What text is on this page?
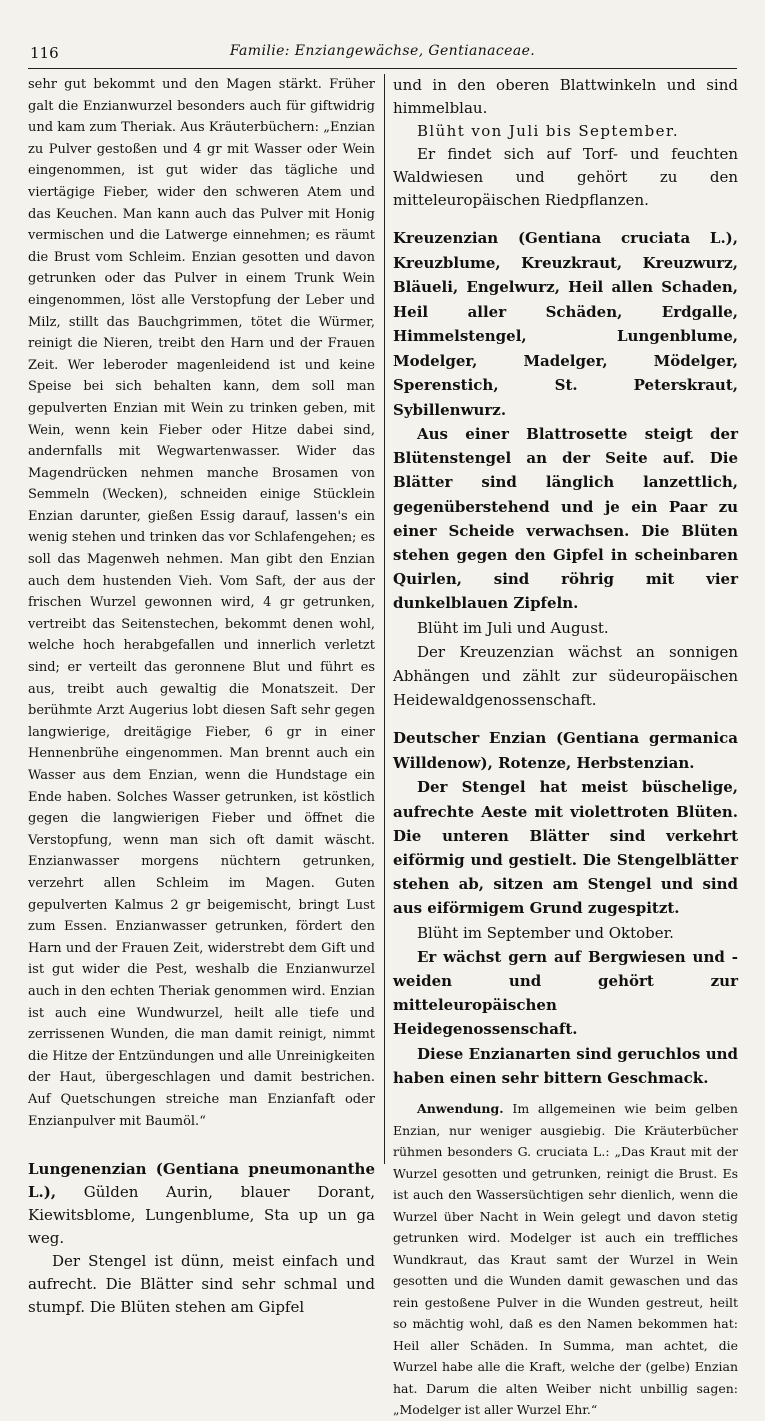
116	Familie: Enziangewächse, Gentianaceae.

sehr gut bekommt und den Magen stärkt. Früher galt die Enzianwurzel besonders auch für giftwidrig und kam zum Theriak. Aus Kräuterbüchern: „Enzian zu Pulver gestoßen und 4 gr mit Wasser oder Wein eingenommen, ist gut wider das tägliche und viertägige Fieber, wider den schweren Atem und das Keuchen. Man kann auch das Pulver mit Honig vermischen und die Latwerge einnehmen; es räumt die Brust vom Schleim. Enzian gesotten und davon getrunken oder das Pulver in einem Trunk Wein eingenommen, löst alle Verstopfung der Leber und Milz, stillt das Bauchgrimmen, tötet die Würmer, reinigt die Nieren, treibt den Harn und der Frauen Zeit. Wer leberoder magenleidend ist und keine Speise bei sich behalten kann, dem soll man gepulverten Enzian mit Wein zu trinken geben, mit Wein, wenn kein Fieber oder Hitze dabei sind, andernfalls mit Wegwartenwasser. Wider das Magendrücken nehmen manche Brosamen von Semmeln (Wecken), schneiden einige Stücklein Enzian darunter, gießen Essig darauf, lassen's ein wenig stehen und trinken das vor Schlafengehen; es soll das Magenweh nehmen. Man gibt den Enzian auch dem hustenden Vieh. Vom Saft, der aus der frischen Wurzel gewonnen wird, 4 gr getrunken, vertreibt das Seitenstechen, bekommt denen wohl, welche hoch herabgefallen und innerlich verletzt sind; er verteilt das geronnene Blut und führt es aus, treibt auch gewaltig die Monatszeit. Der berühmte Arzt Augerius lobt diesen Saft sehr gegen langwierige, dreitägige Fieber, 6 gr in einer Hennenbrühe eingenommen. Man brennt auch ein Wasser aus dem Enzian, wenn die Hundstage ein Ende haben. Solches Wasser getrunken, ist köstlich gegen die langwierigen Fieber und öffnet die Verstopfung, wenn man sich oft damit wäscht. Enzianwasser morgens nüchtern getrunken, verzehrt allen Schleim im Magen. Guten gepulverten Kalmus 2 gr beigemischt, bringt Lust zum Essen. Enzianwasser getrunken, fördert den Harn und der Frauen Zeit, widerstrebt dem Gift und ist gut wider die Pest, weshalb die Enzianwurzel auch in den echten Theriak genommen wird. Enzian ist auch eine Wundwurzel, heilt alle tiefe und zerrissenen Wunden, die man damit reinigt, nimmt die Hitze der Entzündungen und alle Unreinigkeiten der Haut, übergeschlagen und damit bestrichen. Auf Quetschungen streiche man Enzianfaft oder Enzianpulver mit Baumöl.“

Lungenenzian (Gentiana pneumonanthe L.), Gülden Aurin, blauer Dorant, Kiewitsblome, Lungenblume, Sta up un ga weg.

Der Stengel ist dünn, meist einfach und aufrecht. Die Blätter sind sehr schmal und stumpf. Die Blüten stehen am Gipfel

und in den oberen Blattwinkeln und sind himmelblau.

Blüht von Juli bis September.

Er findet sich auf Torf- und feuchten Waldwiesen und gehört zu den mitteleuropäischen Riedpflanzen.

Kreuzenzian (Gentiana cruciata L.), Kreuzblume, Kreuzkraut, Kreuzwurz, Bläueli, Engelwurz, Heil allen Schaden, Heil aller Schäden, Erdgalle, Himmelstengel, Lungenblume, Modelger, Madelger, Mödelger, Sperenstich, St. Peterskraut, Sybillenwurz.

Aus einer Blattrosette steigt der Blütenstengel an der Seite auf. Die Blätter sind länglich lanzettlich, gegenüberstehend und je ein Paar zu einer Scheide verwachsen. Die Blüten stehen gegen den Gipfel in scheinbaren Quirlen, sind röhrig mit vier dunkelblauen Zipfeln.

Blüht im Juli und August.

Der Kreuzenzian wächst an sonnigen Abhängen und zählt zur südeuropäischen Heidewaldgenossenschaft.

Deutscher Enzian (Gentiana germanica Willdenow), Rotenze, Herbstenzian.

Der Stengel hat meist büschelige, aufrechte Aeste mit violettroten Blüten. Die unteren Blätter sind verkehrt eiförmig und gestielt. Die Stengelblätter stehen ab, sitzen am Stengel und sind aus eiförmigem Grund zugespitzt.

Blüht im September und Oktober.

Er wächst gern auf Bergwiesen und -weiden und gehört zur mitteleuropäischen Heidegenossenschaft.

Diese Enzianarten sind geruchlos und haben einen sehr bittern Geschmack.

Anwendung. Im allgemeinen wie beim gelben Enzian, nur weniger ausgiebig. Die Kräuterbücher rühmen besonders G. cruciata L.: „Das Kraut mit der Wurzel gesotten und getrunken, reinigt die Brust. Es ist auch den Wassersüchtigen sehr dienlich, wenn die Wurzel über Nacht in Wein gelegt und davon stetig getrunken wird. Modelger ist auch ein treffliches Wundkraut, das Kraut samt der Wurzel in Wein gesotten und die Wunden damit gewaschen und das rein gestoßene Pulver in die Wunden gestreut, heilt so mächtig wohl, daß es den Namen bekommen hat: Heil aller Schäden. In Summa, man achtet, die Wurzel habe alle die Kraft, welche der (gelbe) Enzian hat. Darum die alten Weiber nicht unbillig sagen: „Modelger ist aller Wurzel Ehr.“
